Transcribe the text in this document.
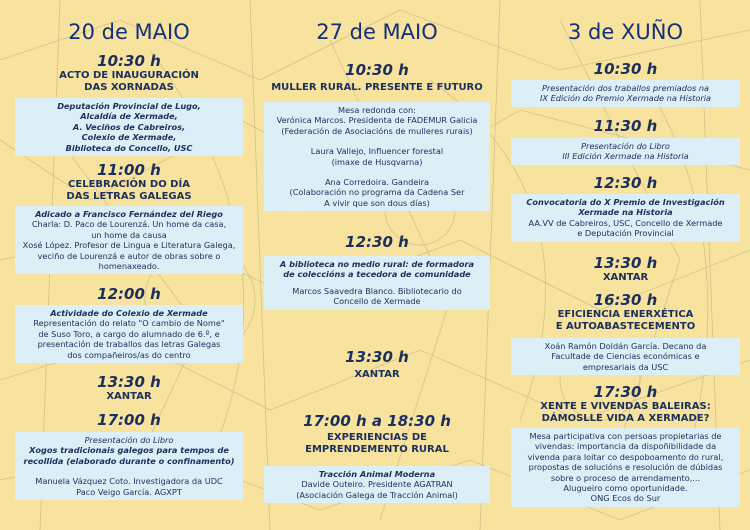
20 de MAIO
10:30 h
ACTO DE INAUGURACIÓN
DAS XORNADAS
Deputación Provincial de Lugo,
Alcaldía de Xermade,
A. Veciños de Cabreiros,
Colexio de Xermade,
Biblioteca do Concello, USC
11:00 h
CELEBRACIÓN DO DÍA
DAS LETRAS GALEGAS
Adicado a Francisco Fernández del Riego
Charla: D. Paco de Lourenzá. Un home da casa,
un home da causa
Xosé López. Profesor de Lingua e Literatura Galega,
veciño de Lourenzá e autor de obras sobre o
homenaxeado.
12:00 h
Actividade do Colexio de Xermade
Representación do relato "O cambio de Nome"
de Suso Toro, a cargo do alumnado de 6.º, e
presentación de traballos das letras Galegas
dos compañeiros/as do centro
13:30 h
XANTAR
17:00 h
Presentación do Libro
Xogos tradicionais galegos para tempos de
recollida (elaborado durante o confinamento)
Manuela Vázquez Coto. Investigadora da UDC
Paco Veigo García. AGXPT
27 de MAIO
10:30 h
MULLER RURAL. PRESENTE E FUTURO
Mesa redonda con:
Verónica Marcos. Presidenta de FADEMUR Galicia
(Federación de Asociacións de mulleres rurais)
Laura Vallejo, Influencer forestal
(imaxe de Husqvarna)
Ana Corredoira. Gandeira
(Colaboración no programa da Cadena Ser
A vivir que son dous días)
12:30 h
A biblioteca no medio rural: de formadora
de coleccións a tecedora de comunidade
Marcos Saavedra Blanco. Bibliotecario do
Concello de Xermade
13:30 h
XANTAR
17:00 h a 18:30 h
EXPERIENCIAS DE
EMPRENDEMENTO RURAL
Tracción Animal Moderna
Davide Outeiro. Presidente AGATRAN
(Asociación Galega de Tracción Animal)
3 de XUÑO
10:30 h
Presentación dos traballos premiados na
IX Edición do Premio Xermade na Historia
11:30 h
Presentación do Libro
III Edición Xermade na Historia
12:30 h
Convocatoria do X Premio de Investigación
Xermade na Historia
AA.VV de Cabreiros, USC, Concello de Xermade
e Deputación Provincial
13:30 h
XANTAR
16:30 h
EFICIENCIA ENERXÉTICA
E AUTOABASTECEMENTO
Xoán Ramón Doldán García. Decano da
Facultade de Ciencias económicas e
empresariais da USC
17:30 h
XENTE E VIVENDAS BALEIRAS:
DÁMOSLLE VIDA A XERMADE?
Mesa participativa con persoas propietarias de
vivendas: importancia da dispoñibilidade da
vivenda para loitar co despoboamento do rural,
propostas de solucións e resolución de dúbidas
sobre o proceso de arrendamento,...
Alugueiro como oportunidade.
ONG Ecos do Sur
